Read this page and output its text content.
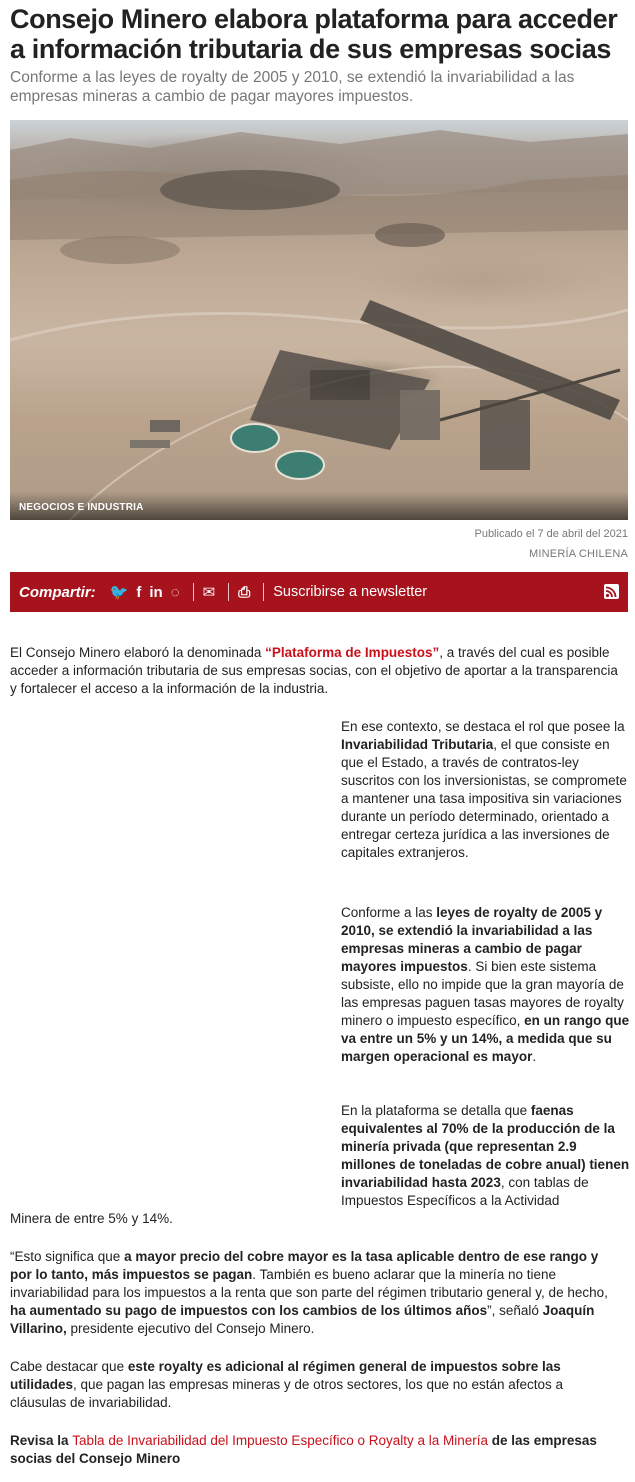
Consejo Minero elabora plataforma para acceder a información tributaria de sus empresas socias

Conforme a las leyes de royalty de 2005 y 2010, se extendió la invariabilidad a las empresas mineras a cambio de pagar mayores impuestos.

NEGOCIOS E INDUSTRIA
Publicado el 7 de abril del 2021
MINERÍA CHILENA
Compartir: 🐦 f in ◌ ✉ ⎙ Suscribirse a newsletter

El Consejo Minero elaboró la denominada “Plataforma de Impuestos”, a través del cual es posible acceder a información tributaria de sus empresas socias, con el objetivo de aportar a la transparencia y fortalecer el acceso a la información de la industria.

En ese contexto, se destaca el rol que posee la Invariabilidad Tributaria, el que consiste en que el Estado, a través de contratos-ley suscritos con los inversionistas, se compromete a mantener una tasa impositiva sin variaciones durante un período determinado, orientado a entregar certeza jurídica a las inversiones de capitales extranjeros.

Conforme a las leyes de royalty de 2005 y 2010, se extendió la invariabilidad a las empresas mineras a cambio de pagar mayores impuestos. Si bien este sistema subsiste, ello no impide que la gran mayoría de las empresas paguen tasas mayores de royalty minero o impuesto específico, en un rango que va entre un 5% y un 14%, a medida que su margen operacional es mayor.

En la plataforma se detalla que faenas equivalentes al 70% de la producción de la minería privada (que representan 2.9 millones de toneladas de cobre anual) tienen invariabilidad hasta 2023, con tablas de Impuestos Específicos a la Actividad

Minera de entre 5% y 14%.

“Esto significa que a mayor precio del cobre mayor es la tasa aplicable dentro de ese rango y por lo tanto, más impuestos se pagan. También es bueno aclarar que la minería no tiene invariabilidad para los impuestos a la renta que son parte del régimen tributario general y, de hecho, ha aumentado su pago de impuestos con los cambios de los últimos años”, señaló Joaquín Villarino, presidente ejecutivo del Consejo Minero.

Cabe destacar que este royalty es adicional al régimen general de impuestos sobre las utilidades, que pagan las empresas mineras y de otros sectores, los que no están afectos a cláusulas de invariabilidad.

Revisa la Tabla de Invariabilidad del Impuesto Específico o Royalty a la Minería de las empresas socias del Consejo Minero
